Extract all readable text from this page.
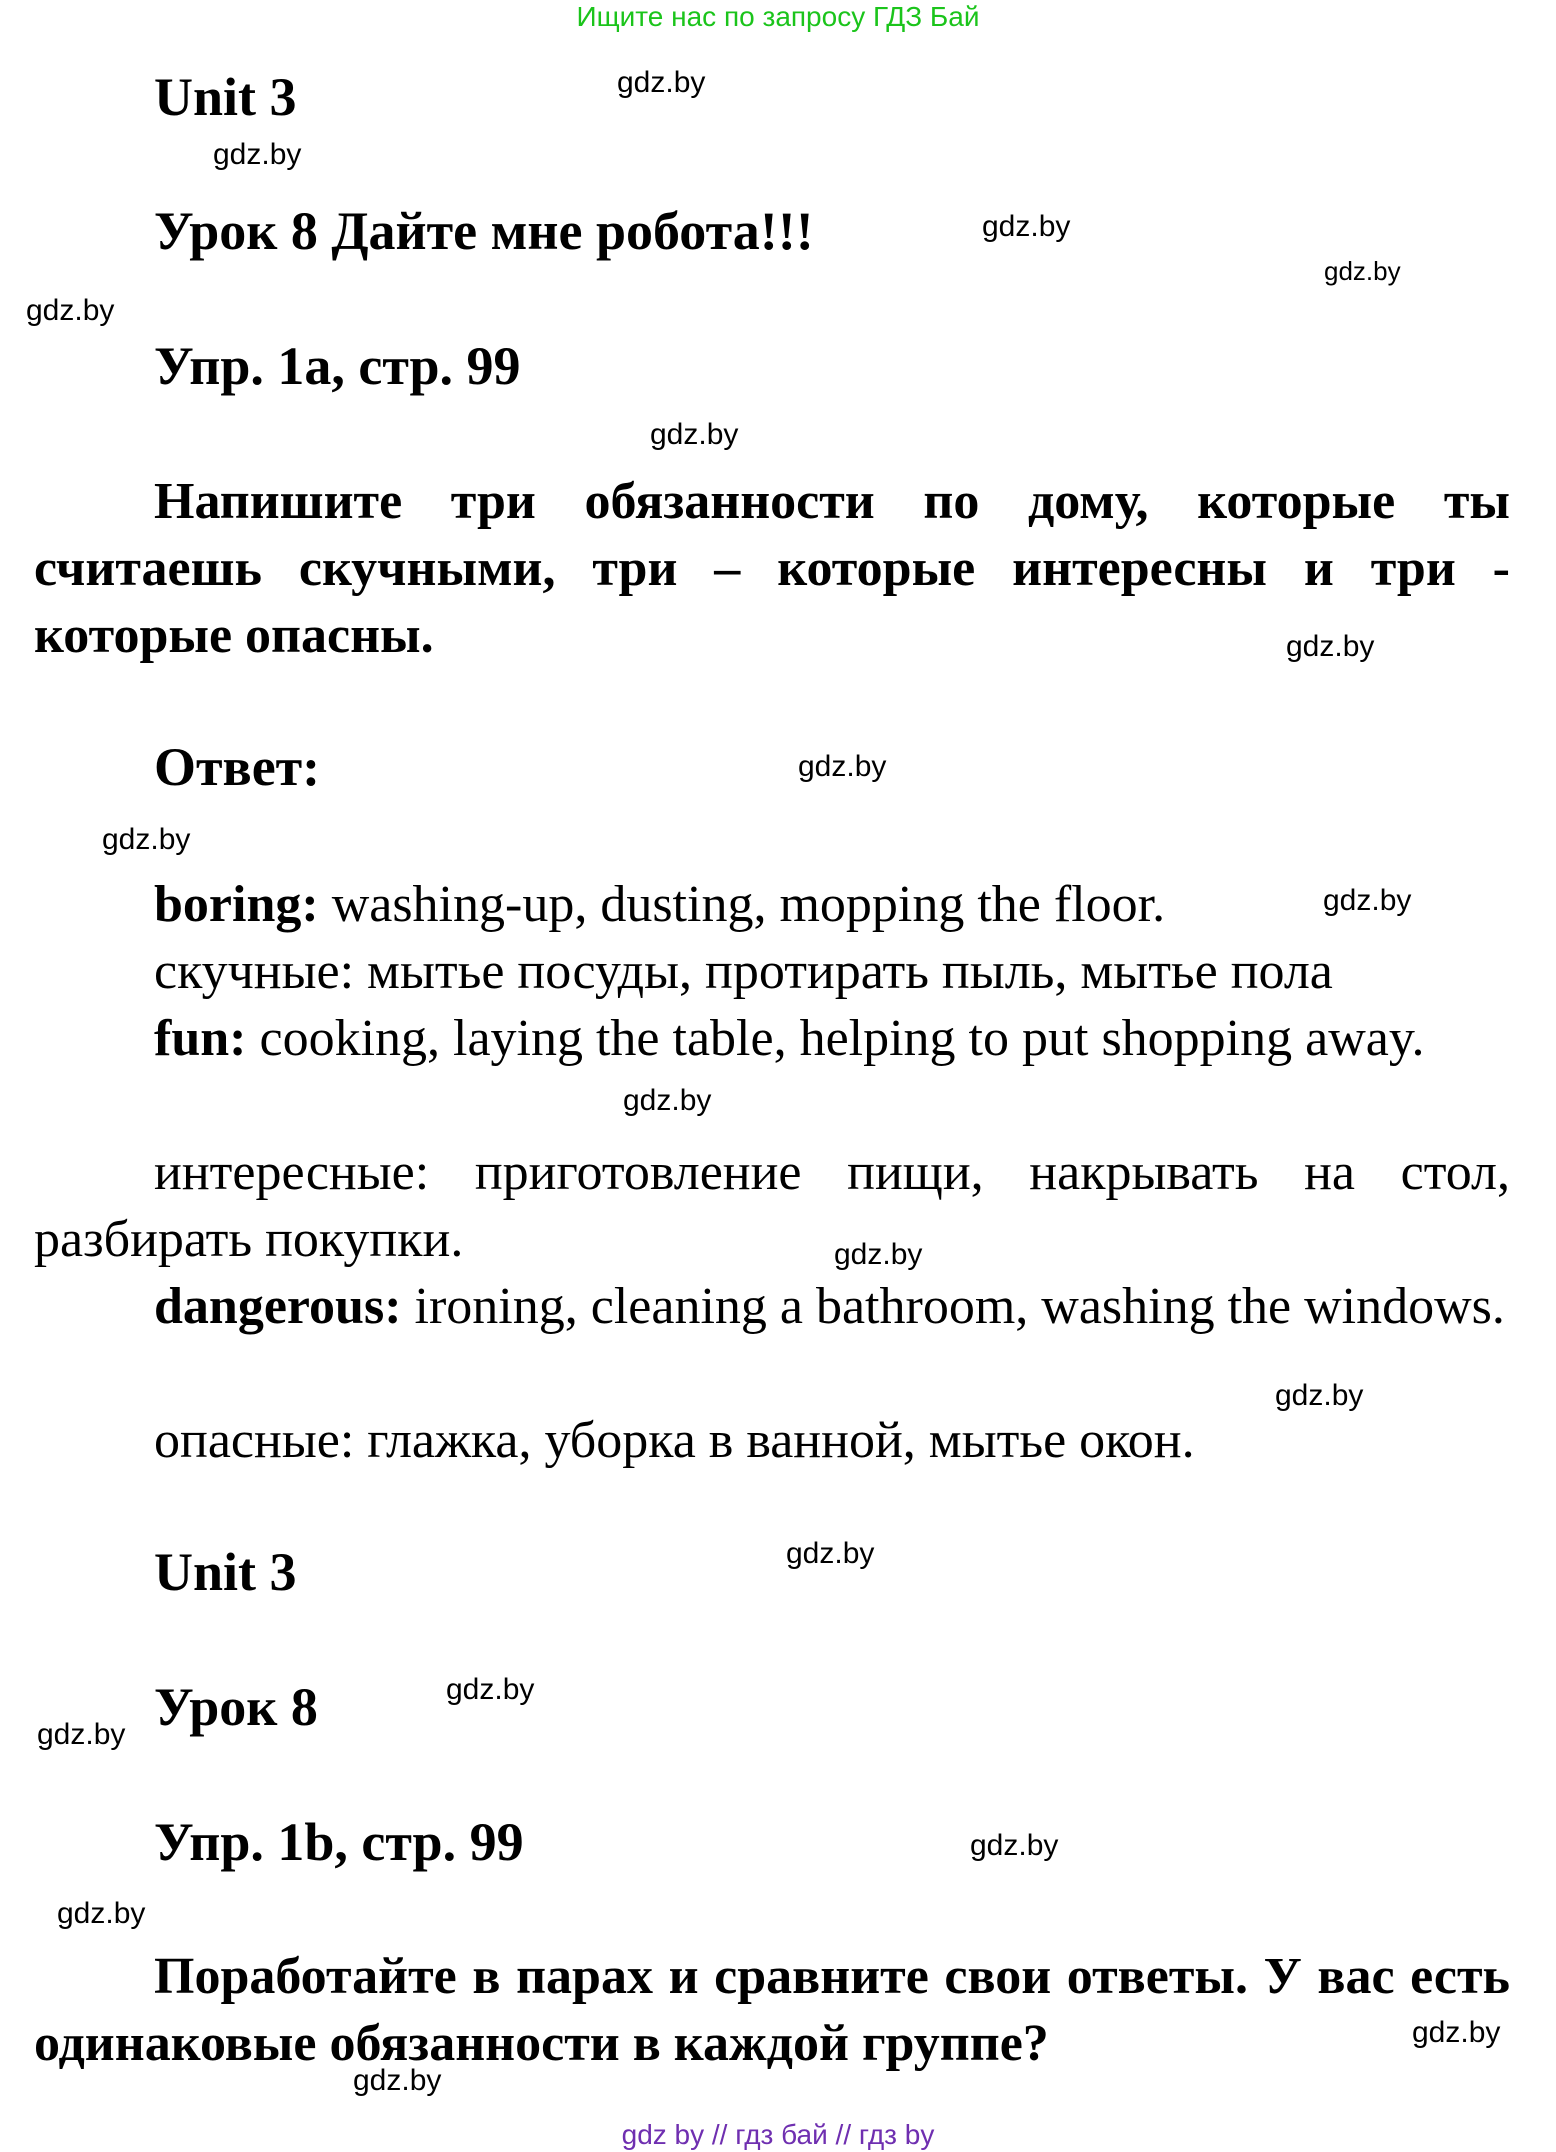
Ищите нас по запросу ГДЗ Бай
Unit 3
Урок 8 Дайте мне робота!!!
Упр. 1a, стр. 99
Напишите три обязанности по дому, которые ты считаешь скучными, три – которые интересны и три - которые опасны.
Ответ:
boring: washing-up, dusting, mopping the floor.
скучные: мытье посуды, протирать пыль, мытье пола
fun: cooking, laying the table, helping to put shopping away.
интересные: приготовление пищи, накрывать на стол, разбирать покупки.
dangerous: ironing, cleaning a bathroom, washing the windows.
опасные: глажка, уборка в ванной, мытье окон.
Unit 3
Урок 8
Упр. 1b, стр. 99
Поработайте в парах и сравните свои ответы. У вас есть одинаковые обязанности в каждой группе?
gdz.by
gdz.by
gdz.by
gdz.by
gdz.by
gdz.by
gdz.by
gdz.by
gdz.by
gdz.by
gdz.by
gdz.by
gdz.by
gdz.by
gdz.by
gdz.by
gdz.by
gdz.by
gdz.by
gdz.by
gdz by // гдз бай // гдз by
